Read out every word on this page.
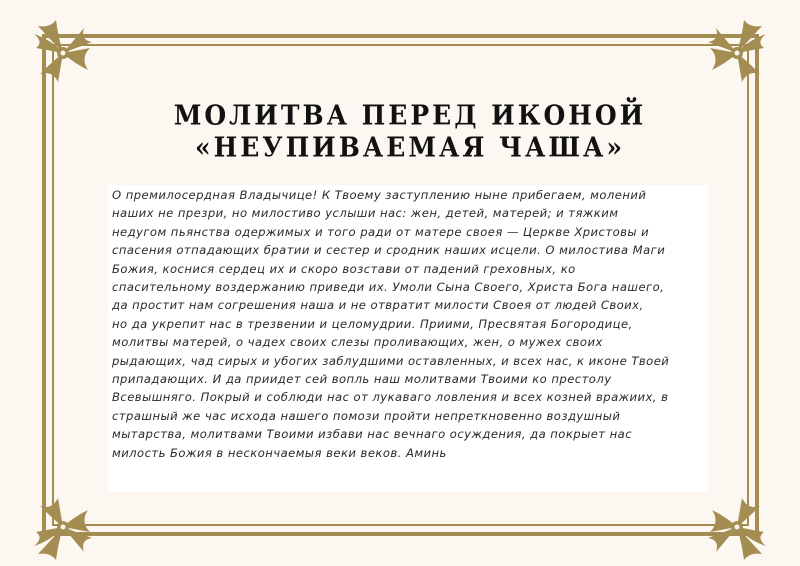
МОЛИТВА ПЕРЕД ИКОНОЙ «НЕУПИВАЕМАЯ ЧАША»
О премилосердная Владычице! К Твоему заступлению ныне прибегаем, молений
наших не презри, но милостиво услыши нас: жен, детей, матерей; и тяжким
недугом пьянства одержимых и того ради от матере своея — Церкве Христовы и
спасения отпадающих братии и сестер и сродник наших исцели. О милостива Маги
Божия, коснися сердец их и скоро возстави от падений греховных, ко
спасительному воздержанию приведи их. Умоли Сына Своего, Христа Бога нашего,
да простит нам согрешения наша и не отвратит милости Своея от людей Своих,
но да укрепит нас в трезвении и целомудрии. Приими, Пресвятая Богородице,
молитвы матерей, о чадех своих слезы проливающих, жен, о мужех своих
рыдающих, чад сирых и убогих заблудшими оставленных, и всех нас, к иконе Твоей
припадающих. И да приидет сей вопль наш молитвами Твоими ко престолу
Всевышняго. Покрый и соблюди нас от лукаваго ловления и всех козней вражиих, в
страшный же час исхода нашего помози пройти непреткновенно воздушный
мытарства, молитвами Твоими избави нас вечнаго осуждения, да покрыет нас
милость Божия в нескончаемыя веки веков. Аминь
